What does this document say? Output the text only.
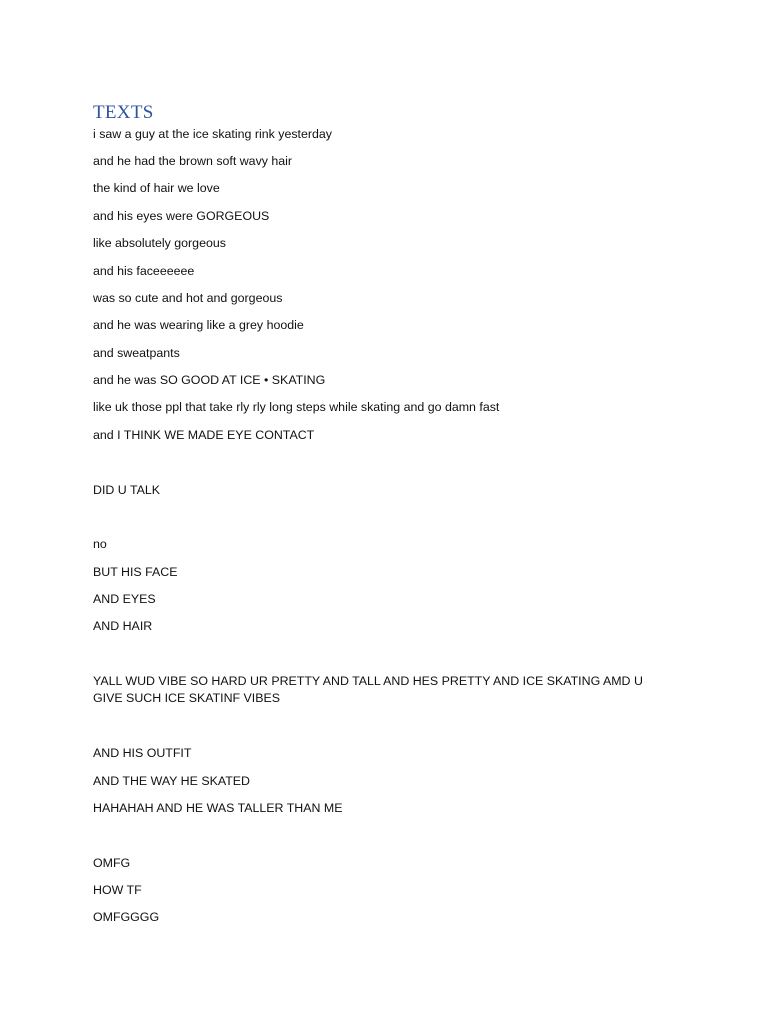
TEXTS

i saw a guy at the ice skating rink yesterday

and he had the brown soft wavy hair

the kind of hair we love

and his eyes were GORGEOUS

like absolutely gorgeous

and his faceeeeee

was so cute and hot and gorgeous

and he was wearing like a grey hoodie

and sweatpants

and he was SO GOOD AT ICE • SKATING

like uk those ppl that take rly rly long steps while skating and go damn fast

and I THINK WE MADE EYE CONTACT

DID U TALK

no

BUT HIS FACE

AND EYES

AND HAIR

YALL WUD VIBE SO HARD UR PRETTY AND TALL AND HES PRETTY AND ICE SKATING AMD U GIVE SUCH ICE SKATINF VIBES

AND HIS OUTFIT

AND THE WAY HE SKATED

HAHAHAH AND HE WAS TALLER THAN ME

OMFG

HOW TF

OMFGGGG
